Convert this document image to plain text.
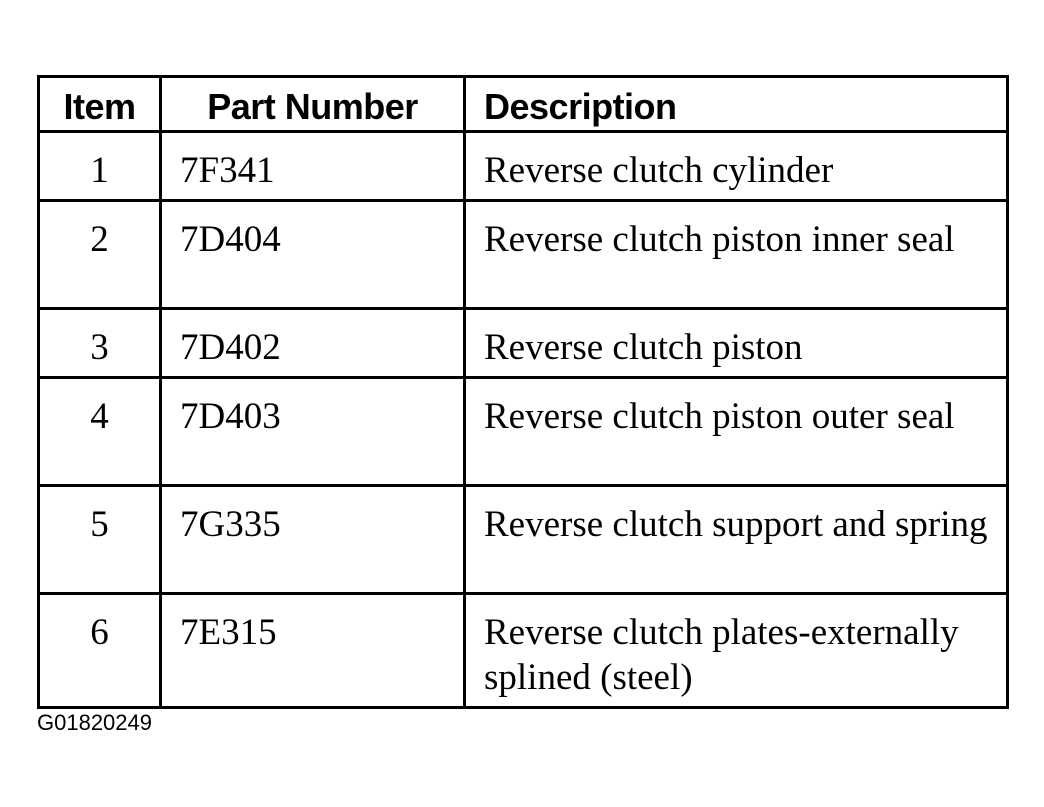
Item	Part Number	Description
1	7F341	Reverse clutch cylinder
2	7D404	Reverse clutch piston inner seal
3	7D402	Reverse clutch piston
4	7D403	Reverse clutch piston outer seal
5	7G335	Reverse clutch support and spring
6	7E315	Reverse clutch plates-externally splined (steel)
G01820249
